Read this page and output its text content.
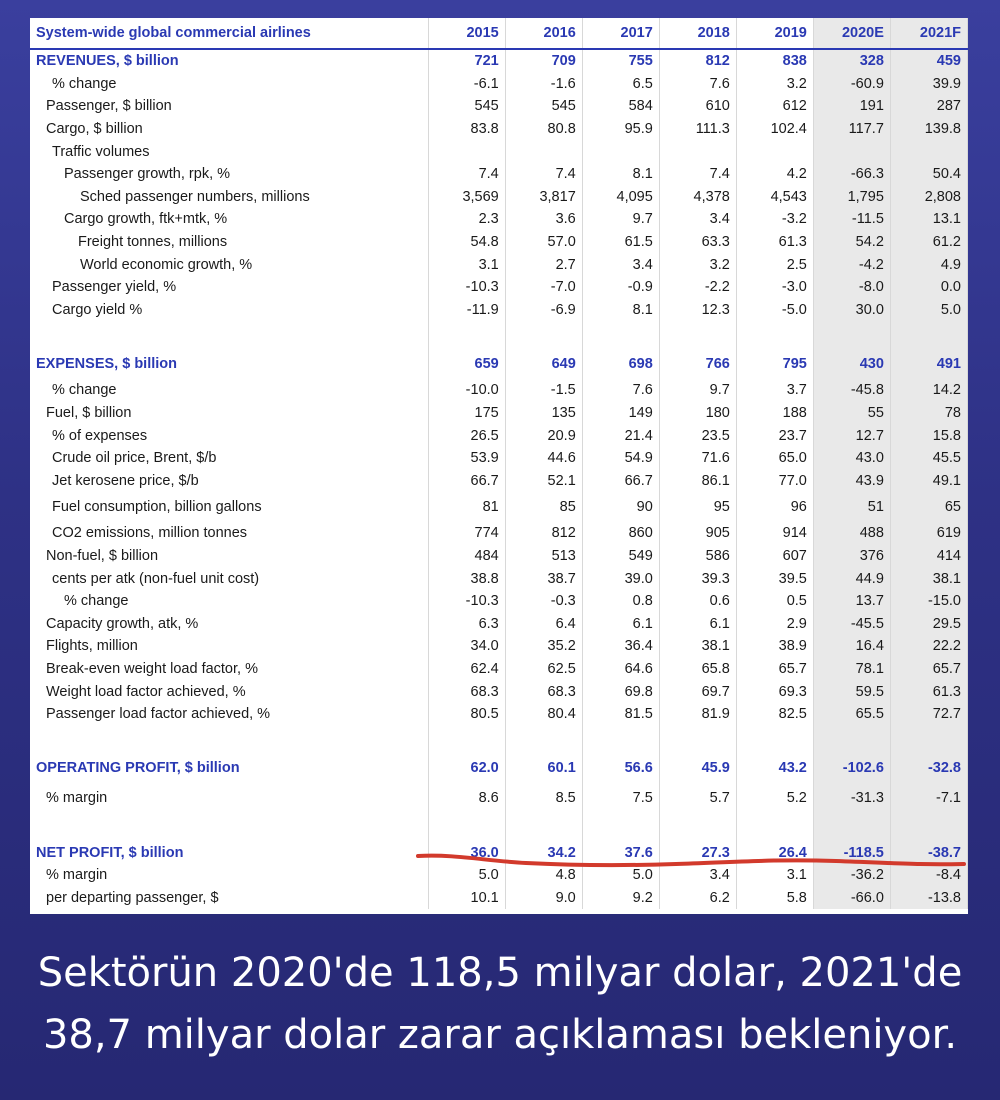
System-wide global commercial airlines	2015	2016	2017	2018	2019	2020E	2021F
REVENUES, $ billion	721	709	755	812	838	328	459
% change	-6.1	-1.6	6.5	7.6	3.2	-60.9	39.9
Passenger, $ billion	545	545	584	610	612	191	287
Cargo, $ billion	83.8	80.8	95.9	111.3	102.4	117.7	139.8
Traffic volumes							
Passenger growth, rpk, %	7.4	7.4	8.1	7.4	4.2	-66.3	50.4
Sched passenger numbers, millions	3,569	3,817	4,095	4,378	4,543	1,795	2,808
Cargo growth, ftk+mtk, %	2.3	3.6	9.7	3.4	-3.2	-11.5	13.1
Freight tonnes, millions	54.8	57.0	61.5	63.3	61.3	54.2	61.2
World economic growth, %	3.1	2.7	3.4	3.2	2.5	-4.2	4.9
Passenger yield, %	-10.3	-7.0	-0.9	-2.2	-3.0	-8.0	0.0
Cargo yield %	-11.9	-6.9	8.1	12.3	-5.0	30.0	5.0

EXPENSES, $ billion	659	649	698	766	795	430	491
% change	-10.0	-1.5	7.6	9.7	3.7	-45.8	14.2
Fuel, $ billion	175	135	149	180	188	55	78
% of expenses	26.5	20.9	21.4	23.5	23.7	12.7	15.8
Crude oil price, Brent, $/b	53.9	44.6	54.9	71.6	65.0	43.0	45.5
Jet kerosene price, $/b	66.7	52.1	66.7	86.1	77.0	43.9	49.1
Fuel consumption, billion gallons	81	85	90	95	96	51	65
CO2 emissions, million tonnes	774	812	860	905	914	488	619
Non-fuel, $ billion	484	513	549	586	607	376	414
cents per atk (non-fuel unit cost)	38.8	38.7	39.0	39.3	39.5	44.9	38.1
% change	-10.3	-0.3	0.8	0.6	0.5	13.7	-15.0
Capacity growth, atk, %	6.3	6.4	6.1	6.1	2.9	-45.5	29.5
Flights, million	34.0	35.2	36.4	38.1	38.9	16.4	22.2
Break-even weight load factor, %	62.4	62.5	64.6	65.8	65.7	78.1	65.7
Weight load factor achieved, %	68.3	68.3	69.8	69.7	69.3	59.5	61.3
Passenger load factor achieved, %	80.5	80.4	81.5	81.9	82.5	65.5	72.7

OPERATING PROFIT, $ billion	62.0	60.1	56.6	45.9	43.2	-102.6	-32.8
% margin	8.6	8.5	7.5	5.7	5.2	-31.3	-7.1

NET PROFIT, $ billion	36.0	34.2	37.6	27.3	26.4	-118.5	-38.7
% margin	5.0	4.8	5.0	3.4	3.1	-36.2	-8.4
per departing passenger, $	10.1	9.0	9.2	6.2	5.8	-66.0	-13.8
Sektörün 2020'de 118,5 milyar dolar, 2021'de
38,7 milyar dolar zarar açıklaması bekleniyor.
